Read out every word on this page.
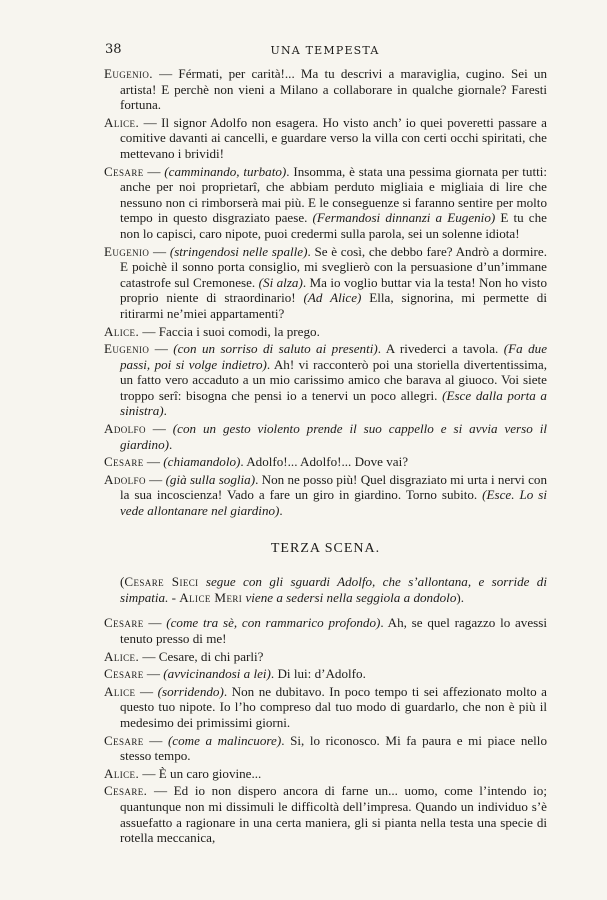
38	UNA TEMPESTA

Eugenio. — Férmati, per carità!... Ma tu descrivi a maraviglia, cugino. Sei un artista! E perchè non vieni a Milano a collaborare in qualche giornale? Faresti fortuna.

Alice. — Il signor Adolfo non esagera. Ho visto anch’ io quei poveretti passare a comitive davanti ai cancelli, e guardare verso la villa con certi occhi spiritati, che mettevano i brividi!

Cesare — (camminando, turbato). Insomma, è stata una pessima giornata per tutti: anche per noi proprietarî, che abbiam perduto migliaia e migliaia di lire che nessuno non ci rimborserà mai più. E le conseguenze si faranno sentire per molto tempo in questo disgraziato paese. (Fermandosi dinnanzi a Eugenio) E tu che non lo capisci, caro nipote, puoi credermi sulla parola, sei un solenne idiota!

Eugenio — (stringendosi nelle spalle). Se è così, che debbo fare? Andrò a dormire. E poichè il sonno porta consiglio, mi sveglierò con la persuasione d’un’immane catastrofe sul Cremonese. (Si alza). Ma io voglio buttar via la testa! Non ho visto proprio niente di straordinario! (Ad Alice) Ella, signorina, mi permette di ritirarmi ne’miei appartamenti?

Alice. — Faccia i suoi comodi, la prego.

Eugenio — (con un sorriso di saluto ai presenti). A rivederci a tavola. (Fa due passi, poi si volge indietro). Ah! vi racconterò poi una storiella divertentissima, un fatto vero accaduto a un mio carissimo amico che barava al giuoco. Voi siete troppo serî: bisogna che pensi io a tenervi un poco allegri. (Esce dalla porta a sinistra).

Adolfo — (con un gesto violento prende il suo cappello e si avvia verso il giardino).

Cesare — (chiamandolo). Adolfo!... Adolfo!... Dove vai?

Adolfo — (già sulla soglia). Non ne posso più! Quel disgraziato mi urta i nervi con la sua incoscienza! Vado a fare un giro in giardino. Torno subito. (Esce. Lo si vede allontanare nel giardino).

TERZA SCENA.

(Cesare Sieci segue con gli sguardi Adolfo, che s’allontana, e sorride di simpatia. - Alice Meri viene a sedersi nella seggiola a dondolo).

Cesare — (come tra sè, con rammarico profondo). Ah, se quel ragazzo lo avessi tenuto presso di me!

Alice. — Cesare, di chi parli?

Cesare — (avvicinandosi a lei). Di lui: d’Adolfo.

Alice — (sorridendo). Non ne dubitavo. In poco tempo ti sei affezionato molto a questo tuo nipote. Io l’ho compreso dal tuo modo di guardarlo, che non è più il medesimo dei primissimi giorni.

Cesare — (come a malincuore). Si, lo riconosco. Mi fa paura e mi piace nello stesso tempo.

Alice. — È un caro giovine...

Cesare. — Ed io non dispero ancora di farne un... uomo, come l’intendo io; quantunque non mi dissimuli le difficoltà dell’impresa. Quando un individuo s’è assuefatto a ragionare in una certa maniera, gli si pianta nella testa una specie di rotella meccanica,
